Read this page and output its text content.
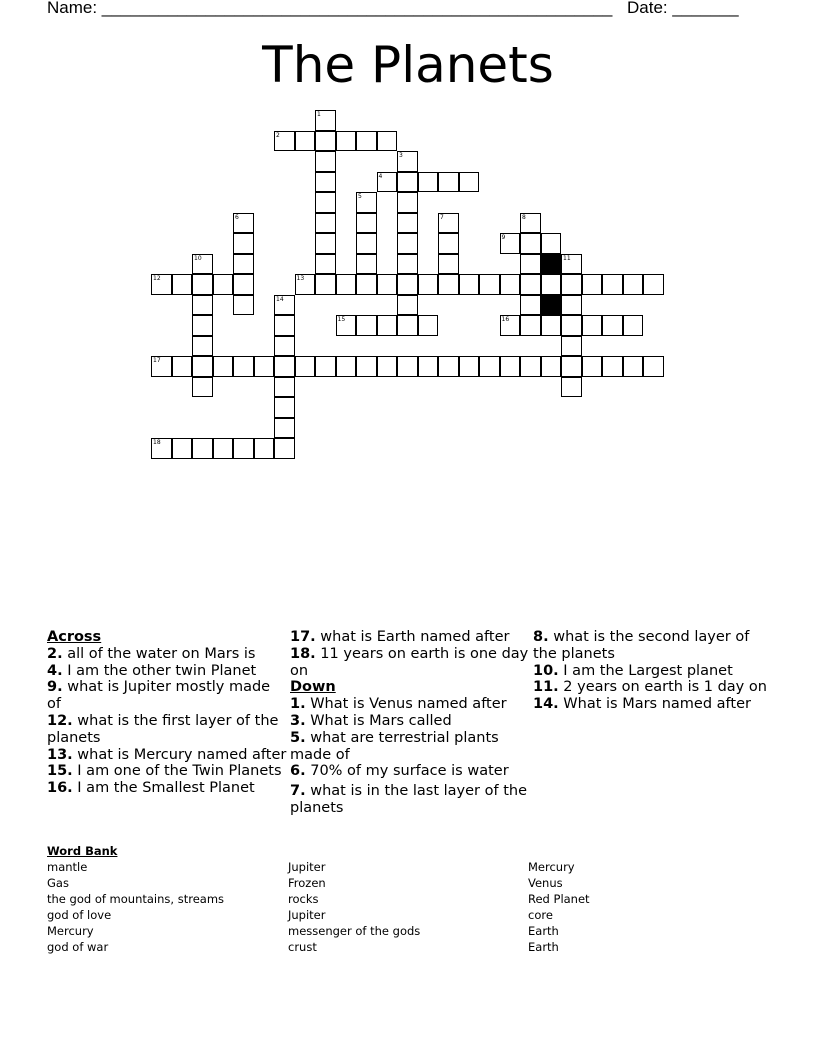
Name: ______________________________________________________ Date: _______
The Planets
1
2
3
4
5
6	7	8
9
10	11
12	13
14
15	16
17
18
Across
2. all of the water on Mars is
4. I am the other twin Planet
9. what is Jupiter mostly made of
12. what is the first layer of the planets
13. what is Mercury named after
15. I am one of the Twin Planets
16. I am the Smallest Planet
17. what is Earth named after
18. 11 years on earth is one day on
Down
1. What is Venus named after
3. What is Mars called
5. what are terrestrial plants made of
6. 70% of my surface is water
7. what is in the last layer of the planets
8. what is the second layer of the planets
10. I am the Largest planet
11. 2 years on earth is 1 day on
14. What is Mars named after
Word Bank
mantle
Gas
the god of mountains, streams
god of love
Mercury
god of war
Jupiter
Frozen
rocks
Jupiter
messenger of the gods
crust
Mercury
Venus
Red Planet
core
Earth
Earth
